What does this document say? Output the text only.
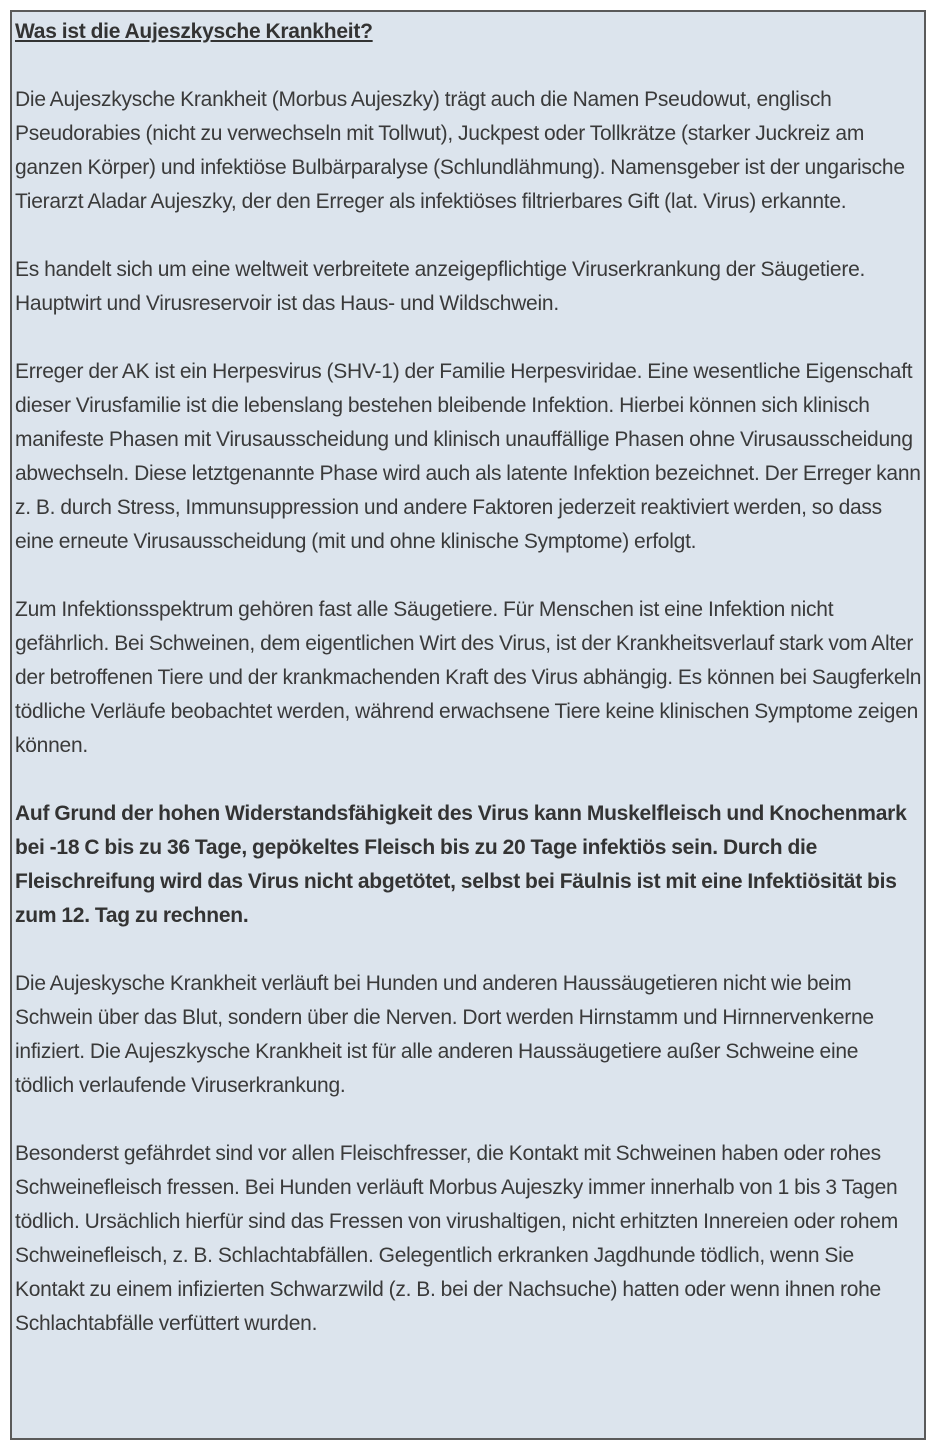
Was ist die Aujeszkysche Krankheit?

Die Aujeszkysche Krankheit (Morbus Aujeszky) trägt auch die Namen Pseudowut, englisch Pseudorabies (nicht zu verwechseln mit Tollwut), Juckpest oder Tollkrätze (starker Juckreiz am ganzen Körper) und infektiöse Bulbärparalyse (Schlundlähmung). Namensgeber ist der ungarische Tierarzt Aladar Aujeszky, der den Erreger als infektiöses filtrierbares Gift (lat. Virus) erkannte.

Es handelt sich um eine weltweit verbreitete anzeigepflichtige Viruserkrankung der Säugetiere. Hauptwirt und Virusreservoir ist das Haus- und Wildschwein.

Erreger der AK ist ein Herpesvirus (SHV-1) der Familie Herpesviridae. Eine wesentliche Eigenschaft dieser Virusfamilie ist die lebenslang bestehen bleibende Infektion. Hierbei können sich klinisch manifeste Phasen mit Virusausscheidung und klinisch unauffällige Phasen ohne Virusausscheidung abwechseln. Diese letztgenannte Phase wird auch als latente Infektion bezeichnet. Der Erreger kann z. B. durch Stress, Immunsuppression und andere Faktoren jederzeit reaktiviert werden, so dass eine erneute Virusausscheidung (mit und ohne klinische Symptome) erfolgt.

Zum Infektionsspektrum gehören fast alle Säugetiere. Für Menschen ist eine Infektion nicht gefährlich. Bei Schweinen, dem eigentlichen Wirt des Virus, ist der Krankheitsverlauf stark vom Alter der betroffenen Tiere und der krankmachenden Kraft des Virus abhängig. Es können bei Saugferkeln tödliche Verläufe beobachtet werden, während erwachsene Tiere keine klinischen Symptome zeigen können.

Auf Grund der hohen Widerstandsfähigkeit des Virus kann Muskelfleisch und Knochenmark bei -18 C bis zu 36 Tage, gepökeltes Fleisch bis zu 20 Tage infektiös sein. Durch die Fleischreifung wird das Virus nicht abgetötet, selbst bei Fäulnis ist mit eine Infektiösität bis zum 12. Tag zu rechnen.

Die Aujeskysche Krankheit verläuft bei Hunden und anderen Haussäugetieren nicht wie beim Schwein über das Blut, sondern über die Nerven. Dort werden Hirnstamm und Hirnnervenkerne infiziert. Die Aujeszkysche Krankheit ist für alle anderen Haussäugetiere außer Schweine eine tödlich verlaufende Viruserkrankung.

Besonderst gefährdet sind vor allen Fleischfresser, die Kontakt mit Schweinen haben oder rohes Schweinefleisch fressen. Bei Hunden verläuft Morbus Aujeszky immer innerhalb von 1 bis 3 Tagen tödlich. Ursächlich hierfür sind das Fressen von virushaltigen, nicht erhitzten Innereien oder rohem Schweinefleisch, z. B. Schlachtabfällen. Gelegentlich erkranken Jagdhunde tödlich, wenn Sie Kontakt zu einem infizierten Schwarzwild (z. B. bei der Nachsuche) hatten oder wenn ihnen rohe Schlachtabfälle verfüttert wurden.
